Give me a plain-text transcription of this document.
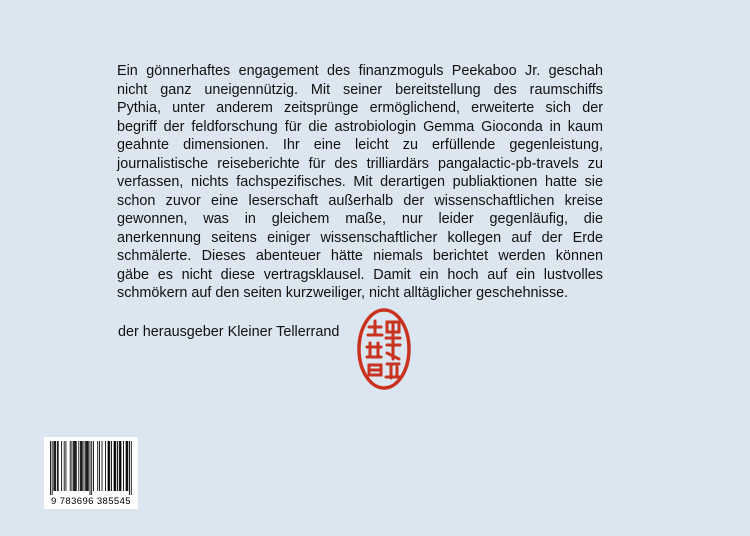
Ein gönnerhaftes engagement des finanzmoguls Peekaboo Jr. geschah
nicht ganz uneigennützig. Mit seiner bereitstellung des raumschiffs
Pythia, unter anderem zeitsprünge ermöglichend, erweiterte sich der
begriff der feldforschung für die astrobiologin Gemma Gioconda in kaum
geahnte dimensionen. Ihr eine leicht zu erfüllende gegenleistung,
journalistische reiseberichte für des trilliardärs pangalactic-pb-travels zu
verfassen, nichts fachspezifisches. Mit derartigen publiaktionen hatte sie
schon zuvor eine leserschaft außerhalb der wissenschaftlichen kreise
gewonnen, was in gleichem maße, nur leider gegenläufig, die
anerkennung seitens einiger wissenschaftlicher kollegen auf der Erde
schmälerte. Dieses abenteuer hätte niemals berichtet werden können
gäbe es nicht diese vertragsklausel. Damit ein hoch auf ein lustvolles
schmökern auf den seiten kurzweiliger, nicht alltäglicher geschehnisse.

der herausgeber Kleiner Tellerrand

9 783696 385545
